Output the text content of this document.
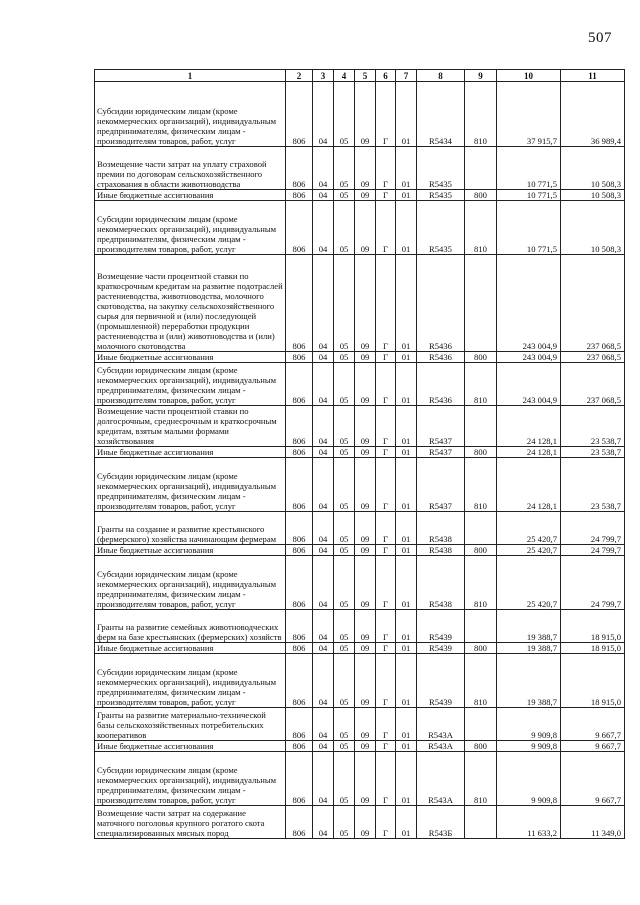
507
1	2	3	4	5	6	7	8	9	10	11
Субсидии юридическим лицам (кроме некоммерческих организаций), индивидуальным предпринимателям, физическим лицам - производителям товаров, работ, услуг	806	04	05	09	Г	01	R5434	810	37 915,7	36 989,4
Возмещение части затрат на уплату страховой премии по договорам сельскохозяйственного страхования в области животноводства	806	04	05	09	Г	01	R5435		10 771,5	10 508,3
Иные бюджетные ассигнования	806	04	05	09	Г	01	R5435	800	10 771,5	10 508,3
Субсидии юридическим лицам (кроме некоммерческих организаций), индивидуальным предпринимателям, физическим лицам - производителям товаров, работ, услуг	806	04	05	09	Г	01	R5435	810	10 771,5	10 508,3
Возмещение части процентной ставки по краткосрочным кредитам на развитие подотраслей растениеводства, животноводства, молочного скотоводства, на закупку сельскохозяйственного сырья для первичной и (или) последующей (промышленной) переработки продукции растениеводства и (или) животноводства и (или) молочного скотоводства	806	04	05	09	Г	01	R5436		243 004,9	237 068,5
Иные бюджетные ассигнования	806	04	05	09	Г	01	R5436	800	243 004,9	237 068,5
Субсидии юридическим лицам (кроме некоммерческих организаций), индивидуальным предпринимателям, физическим лицам - производителям товаров, работ, услуг	806	04	05	09	Г	01	R5436	810	243 004,9	237 068,5
Возмещение части процентной ставки по долгосрочным, среднесрочным и краткосрочным кредитам, взятым малыми формами хозяйствования	806	04	05	09	Г	01	R5437		24 128,1	23 538,7
Иные бюджетные ассигнования	806	04	05	09	Г	01	R5437	800	24 128,1	23 538,7
Субсидии юридическим лицам (кроме некоммерческих организаций), индивидуальным предпринимателям, физическим лицам - производителям товаров, работ, услуг	806	04	05	09	Г	01	R5437	810	24 128,1	23 538,7
Гранты на создание и развитие крестьянского (фермерского) хозяйства начинающим фермерам	806	04	05	09	Г	01	R5438		25 420,7	24 799,7
Иные бюджетные ассигнования	806	04	05	09	Г	01	R5438	800	25 420,7	24 799,7
Субсидии юридическим лицам (кроме некоммерческих организаций), индивидуальным предпринимателям, физическим лицам - производителям товаров, работ, услуг	806	04	05	09	Г	01	R5438	810	25 420,7	24 799,7
Гранты на развитие семейных животноводческих ферм на базе крестьянских (фермерских) хозяйств	806	04	05	09	Г	01	R5439		19 388,7	18 915,0
Иные бюджетные ассигнования	806	04	05	09	Г	01	R5439	800	19 388,7	18 915,0
Субсидии юридическим лицам (кроме некоммерческих организаций), индивидуальным предпринимателям, физическим лицам - производителям товаров, работ, услуг	806	04	05	09	Г	01	R5439	810	19 388,7	18 915,0
Гранты на развитие материально-технической базы сельскохозяйственных потребительских кооперативов	806	04	05	09	Г	01	R543A		9 909,8	9 667,7
Иные бюджетные ассигнования	806	04	05	09	Г	01	R543A	800	9 909,8	9 667,7
Субсидии юридическим лицам (кроме некоммерческих организаций), индивидуальным предпринимателям, физическим лицам - производителям товаров, работ, услуг	806	04	05	09	Г	01	R543A	810	9 909,8	9 667,7
Возмещение части затрат на содержание маточного поголовья крупного рогатого скота специализированных мясных пород	806	04	05	09	Г	01	R543Б		11 633,2	11 349,0
